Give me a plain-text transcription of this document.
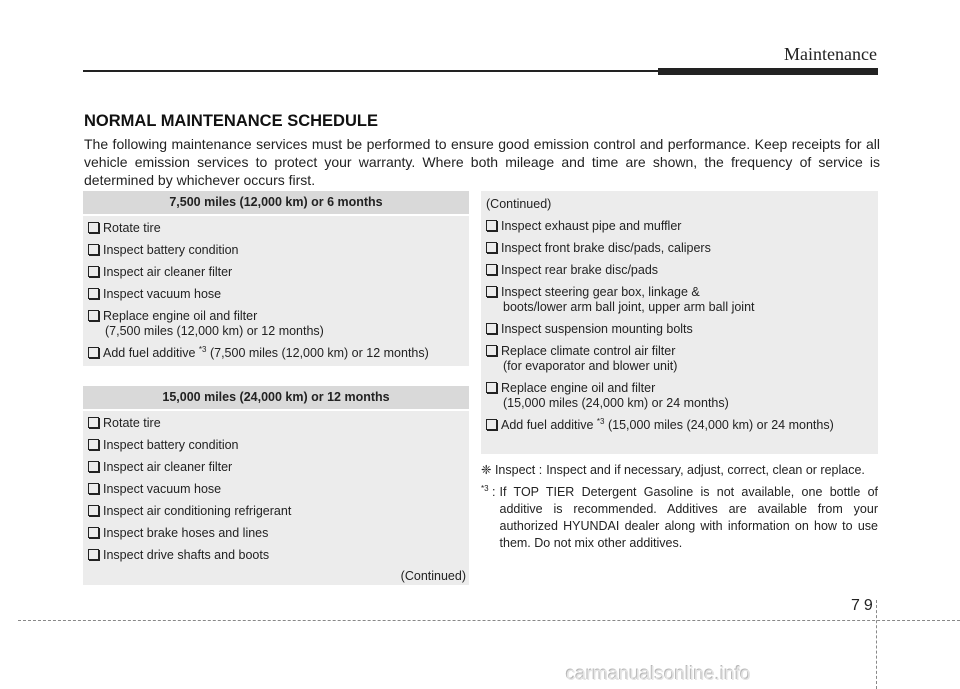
Maintenance
NORMAL MAINTENANCE SCHEDULE
The following maintenance services must be performed to ensure good emission control and performance. Keep receipts for all vehicle emission services to protect your warranty. Where both mileage and time are shown, the frequency of service is determined by whichever occurs first.
7,500 miles (12,000 km) or 6 months
Rotate tire
Inspect battery condition
Inspect air cleaner filter
Inspect vacuum hose
Replace engine oil and filter
(7,500 miles (12,000 km) or 12 months)
Add fuel additive $^{*3}$ (7,500 miles (12,000 km) or 12 months)
15,000 miles (24,000 km) or 12 months
Rotate tire
Inspect battery condition
Inspect air cleaner filter
Inspect vacuum hose
Inspect air conditioning refrigerant
Inspect brake hoses and lines
Inspect drive shafts and boots
(Continued)
(Continued)
Inspect exhaust pipe and muffler
Inspect front brake disc/pads, calipers
Inspect rear brake disc/pads
Inspect steering gear box, linkage &
boots/lower arm ball joint, upper arm ball joint
Inspect suspension mounting bolts
Replace climate control air filter
(for evaporator and blower unit)
Replace engine oil and filter
(15,000 miles (24,000 km) or 24 months)
Add fuel additive $^{*3}$ (15,000 miles (24,000 km) or 24 months)
❈ Inspect : Inspect and if necessary, adjust, correct, clean or replace.
$^{*3}$ : If TOP TIER Detergent Gasoline is not available, one bottle of additive is recommended. Additives are available from your authorized HYUNDAI dealer along with information on how to use them. Do not mix other additives.
79
carmanualsonline.info
